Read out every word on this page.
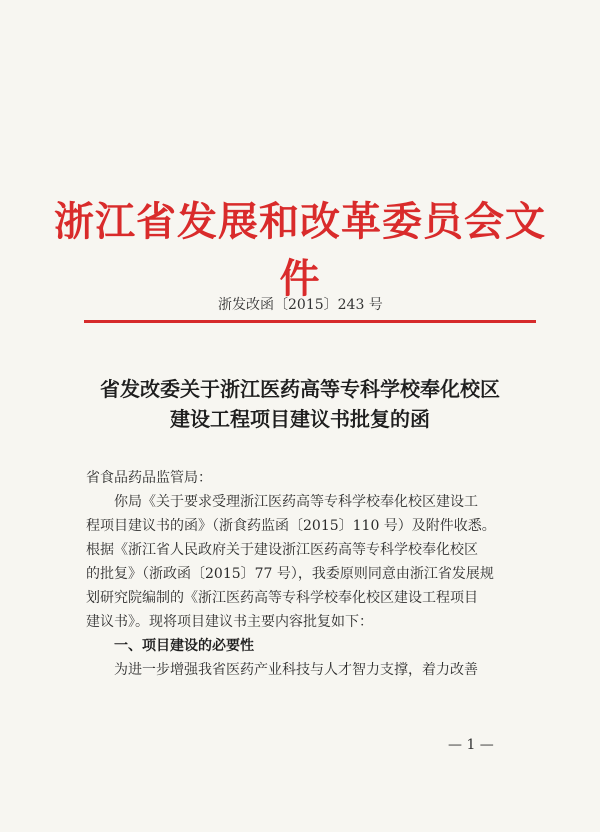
浙江省发展和改革委员会文件
浙发改函〔2015〕243 号
省发改委关于浙江医药高等专科学校奉化校区
建设工程项目建议书批复的函
省食品药品监管局：
你局《关于要求受理浙江医药高等专科学校奉化校区建设工
程项目建议书的函》（浙食药监函〔2015〕110 号）及附件收悉。
根据《浙江省人民政府关于建设浙江医药高等专科学校奉化校区
的批复》（浙政函〔2015〕77 号），我委原则同意由浙江省发展规
划研究院编制的《浙江医药高等专科学校奉化校区建设工程项目
建议书》。现将项目建议书主要内容批复如下：
一、项目建设的必要性
为进一步增强我省医药产业科技与人才智力支撑，着力改善
— 1 —
